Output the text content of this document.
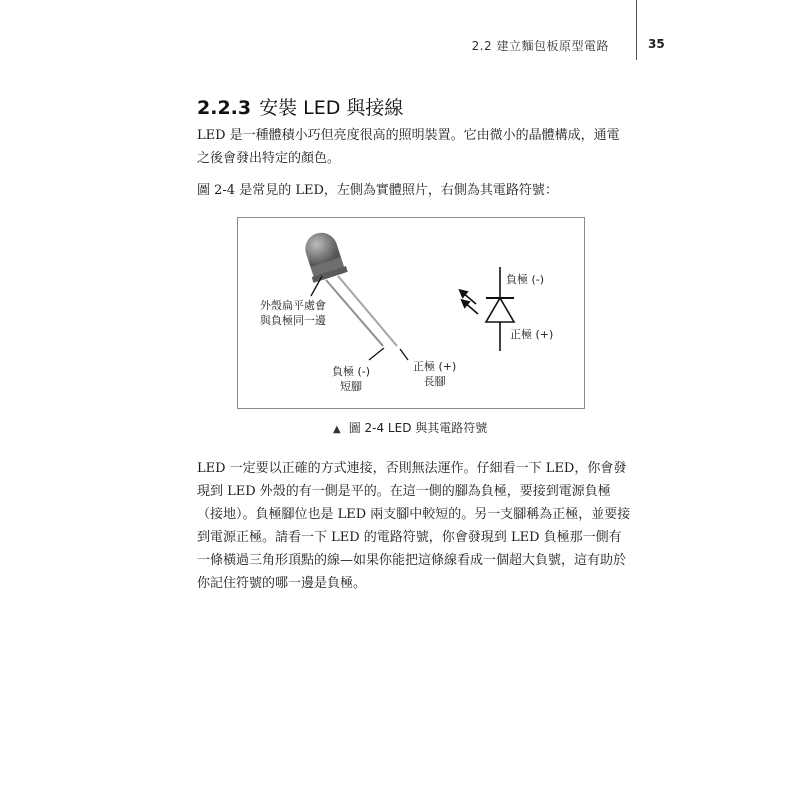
2.2 建立麵包板原型電路	35
2.2.3 安裝 LED 與接線

LED 是一種體積小巧但亮度很高的照明裝置。它由微小的晶體構成，通電之後會發出特定的顏色。

圖 2-4 是常見的 LED，左側為實體照片，右側為其電路符號：

外殼扁平處會
與負極同一邊
負極 (-)
短腳
正極 (+)
長腳
負極 (-)
正極 (+)
▲ 圖 2-4 LED 與其電路符號

LED 一定要以正確的方式連接，否則無法運作。仔細看一下 LED，你會發現到 LED 外殼的有一側是平的。在這一側的腳為負極，要接到電源負極（接地）。負極腳位也是 LED 兩支腳中較短的。另一支腳稱為正極，並要接到電源正極。請看一下 LED 的電路符號，你會發現到 LED 負極那一側有一條橫過三角形頂點的線—如果你能把這條線看成一個超大負號，這有助於你記住符號的哪一邊是負極。
